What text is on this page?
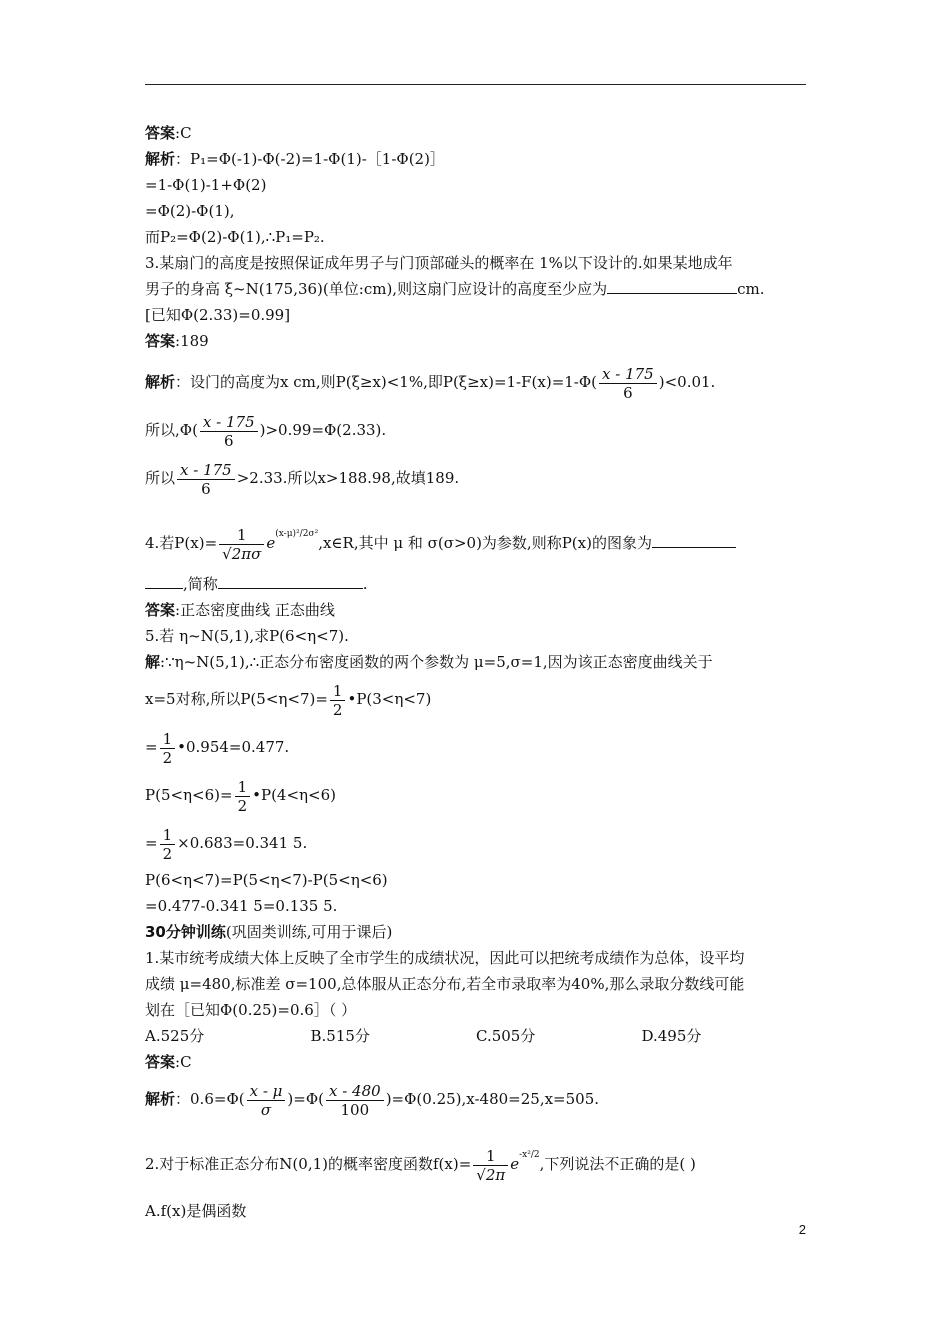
答案:C
解析：P₁=Φ(-1)-Φ(-2)=1-Φ(1)-［1-Φ(2)］
=1-Φ(1)-1+Φ(2)
=Φ(2)-Φ(1),
而P₂=Φ(2)-Φ(1),∴P₁=P₂.
3.某扇门的高度是按照保证成年男子与门顶部碰头的概率在 1%以下设计的.如果某地成年
男子的身高 ξ~N(175,36)(单位:cm),则这扇门应设计的高度至少应为	cm.
[已知Φ(2.33)=0.99]
答案:189
解析：设门的高度为x cm,则P(ξ≥x)<1%,即$P(\xi\ge x)=1-F(x)=1-\Phi( \frac{x - 175}{6} )<0.01$.
所以$,\Phi( \frac{x - 175}{6} )>0.99=\Phi(2.33)$.
所以 $\frac{x - 175}{6} >2.33$.所以x>188.98,故填189.
4.若$P(x)= \frac{1}{√2\pi\sigma}$ $e^{(x-\mu)^2/2\sigma^2},x\in R$,其中 μ 和 σ(σ>0)为参数,则称P(x)的图象为
,简称	.
答案:正态密度曲线 正态曲线
5.若 η~N(5,1),求P(6<η<7).
解:∵η~N(5,1),∴正态分布密度函数的两个参数为 μ=5,σ=1,因为该正态密度曲线关于
x=5对称,所以$P(5<\eta<7)= \frac{1}{2}$ •P(3<η<7)
= $\frac{1}{2}$ •0.954=0.477.
$P(5<\eta<6)= \frac{1}{2}$ •P(4<η<6)
= $\frac{1}{2} \times 0.683=0.341$ 5.
P(6<η<7)=P(5<η<7)-P(5<η<6)
=0.477-0.341 5=0.135 5.
30分钟训练(巩固类训练,可用于课后)
1.某市统考成绩大体上反映了全市学生的成绩状况，因此可以把统考成绩作为总体，设平均
成绩 μ=480,标准差 σ=100,总体服从正态分布,若全市录取率为40%,那么录取分数线可能
划在［已知Φ(0.25)=0.6］（ ）
A.525分	B.515分	C.505分	D.495分
答案:C
解析：$0.6=\Phi( \frac{x - \mu}{\sigma} )=\Phi( \frac{x - 480}{100} )=\Phi(0.25),x-480=25,x=505$.
2.对于标准正态分布N(0,1)的概率密度函数$f(x)= \frac{1}{√2\pi} e^{-x^2/2}$,下列说法不正确的是( )
A.f(x)是偶函数
2
